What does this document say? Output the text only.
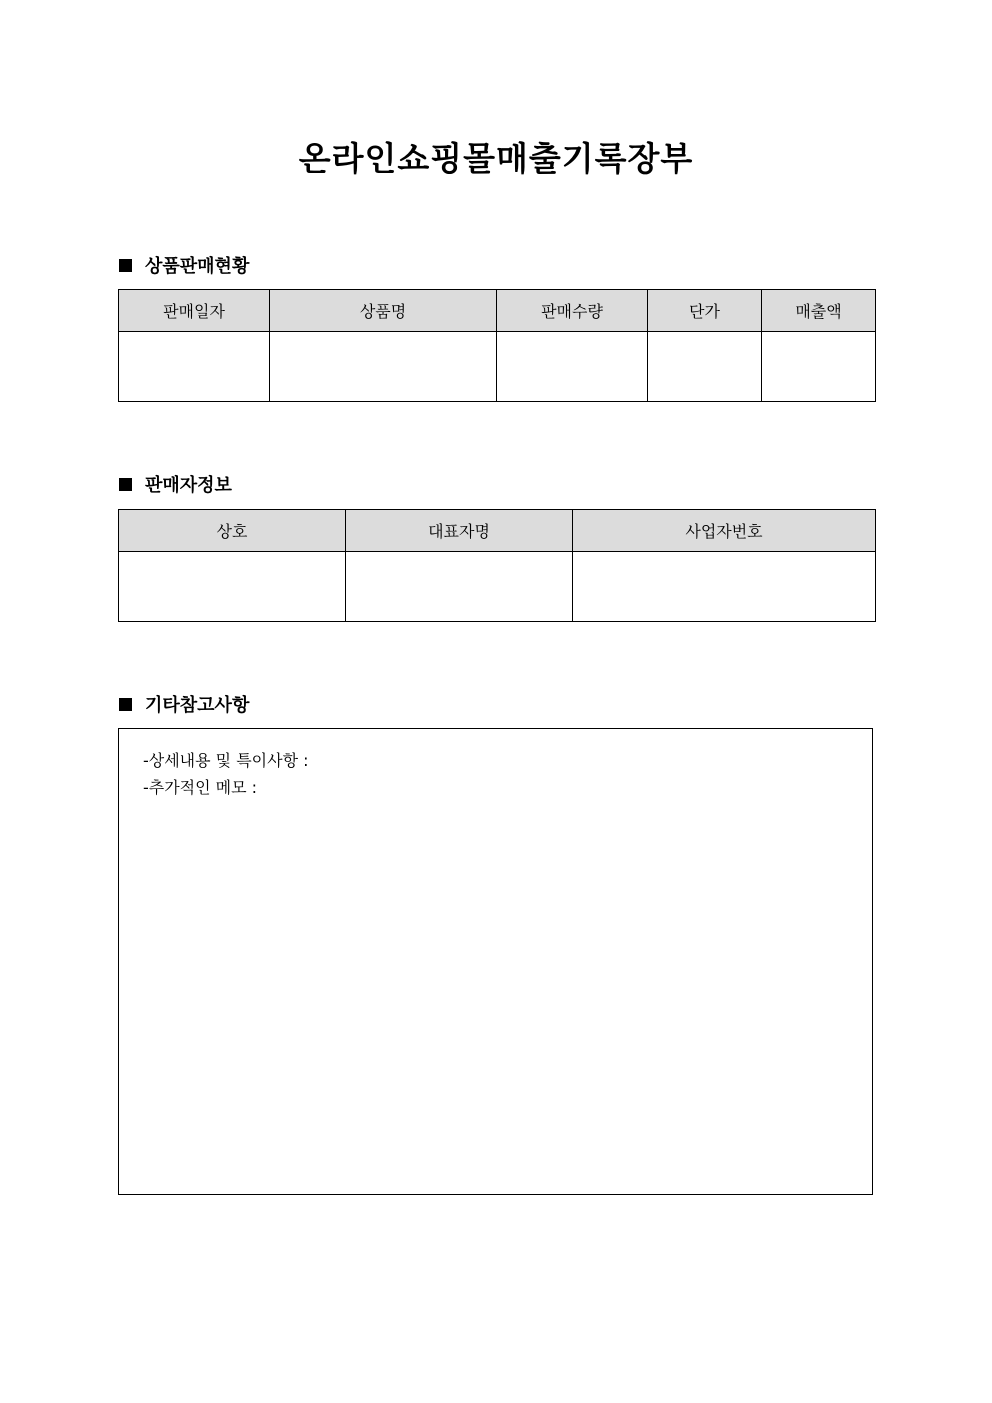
온라인쇼핑몰매출기록장부
상품판매현황
판매일자	상품명	판매수량	단가	매출액

판매자정보
상호	대표자명	사업자번호

기타참고사항
-상세내용 및 특이사항 :
-추가적인 메모 :
